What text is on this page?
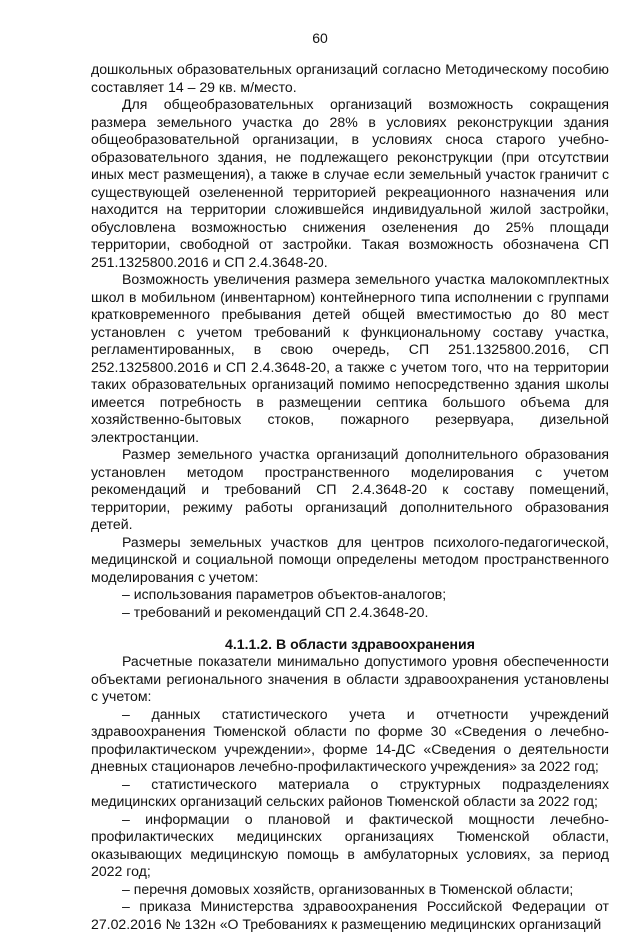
60

дошкольных образовательных организаций согласно Методическому пособию составляет 14 – 29 кв. м/место.

Для общеобразовательных организаций возможность сокращения размера земельного участка до 28% в условиях реконструкции здания общеобразовательной организации, в условиях сноса старого учебно-образовательного здания, не подлежащего реконструкции (при отсутствии иных мест размещения), а также в случае если земельный участок граничит с существующей озелененной территорией рекреационного назначения или находится на территории сложившейся индивидуальной жилой застройки, обусловлена возможностью снижения озеленения до 25% площади территории, свободной от застройки. Такая возможность обозначена СП 251.1325800.2016 и СП 2.4.3648-20.

Возможность увеличения размера земельного участка малокомплектных школ в мобильном (инвентарном) контейнерного типа исполнении с группами кратковременного пребывания детей общей вместимостью до 80 мест установлен с учетом требований к функциональному составу участка, регламентированных, в свою очередь, СП 251.1325800.2016, СП 252.1325800.2016 и СП 2.4.3648-20, а также с учетом того, что на территории таких образовательных организаций помимо непосредственно здания школы имеется потребность в размещении септика большого объема для хозяйственно-бытовых стоков, пожарного резервуара, дизельной электростанции.

Размер земельного участка организаций дополнительного образования установлен методом пространственного моделирования с учетом рекомендаций и требований СП 2.4.3648-20 к составу помещений, территории, режиму работы организаций дополнительного образования детей.

Размеры земельных участков для центров психолого-педагогической, медицинской и социальной помощи определены методом пространственного моделирования с учетом:

– использования параметров объектов-аналогов;

– требований и рекомендаций СП 2.4.3648-20.

4.1.1.2. В области здравоохранения

Расчетные показатели минимально допустимого уровня обеспеченности объектами регионального значения в области здравоохранения установлены с учетом:

– данных статистического учета и отчетности учреждений здравоохранения Тюменской области по форме 30 «Сведения о лечебно-профилактическом учреждении», форме 14-ДС «Сведения о деятельности дневных стационаров лечебно-профилактического учреждения» за 2022 год;

– статистического материала о структурных подразделениях медицинских организаций сельских районов Тюменской области за 2022 год;

– информации о плановой и фактической мощности лечебно-профилактических медицинских организациях Тюменской области, оказывающих медицинскую помощь в амбулаторных условиях, за период 2022 год;

– перечня домовых хозяйств, организованных в Тюменской области;

– приказа Министерства здравоохранения Российской Федерации от 27.02.2016 № 132н «О Требованиях к размещению медицинских организаций
